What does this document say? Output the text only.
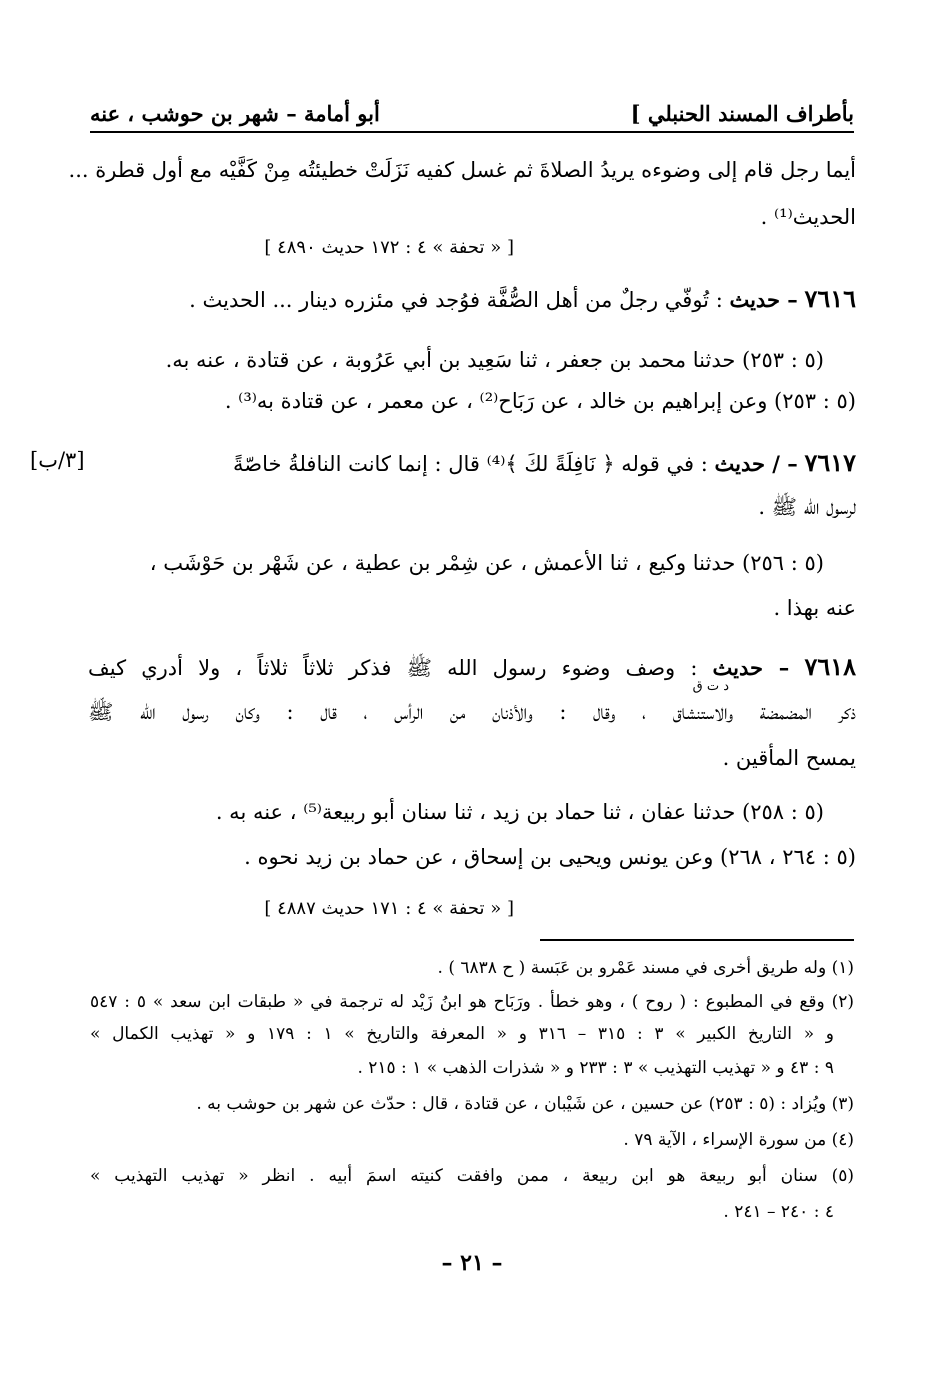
بأطراف المسند الحنبلي ]
أبو أمامة – شهر بن حوشب ، عنه
أيما رجل قام إلى وضوءه يريدُ الصلاةَ ثم غسل كفيه نَزَلَتْ خطيئتُه مِنْ كَفَّيْه مع أول قطرة ...
الحديث⁽¹⁾ .
[ « تحفة » ٤ : ١٧٢ حديث ٤٨٩٠ ]
٧٦١٦ – حديث : تُوفّي رجلٌ من أهل الصُّفَّة فوُجد في مئزره دينار ... الحديث .
(٥ : ٢٥٣) حدثنا محمد بن جعفر ، ثنا سَعِيد بن أبي عَرُوبة ، عن قتادة ، عنه به.
(٥ : ٢٥٣) وعن إبراهيم بن خالد ، عن رَبَاح⁽²⁾ ، عن معمر ، عن قتادة به⁽³⁾ .
٧٦١٧ – / حديث : في قوله ﴿ نَافِلَةً لكَ ﴾⁽⁴⁾ قال : إنما كانت النافلةُ خاصّةً
[٣/ب]
لرسول الله ﷺ .
(٥ : ٢٥٦) حدثنا وكيع ، ثنا الأعمش ، عن شِمْر بن عطية ، عن شَهْر بن حَوْشَب ،
عنه بهذا .
٧٦١٨ – حديث : وصف وضوء رسول الله ﷺ فذكر ثلاثاً ثلاثاً ، ولا أدري كيف
د ت ق
ذكر المضمضة والاستنشاق ، وقال : والأذنان من الرأس ، قال : وكان رسول الله ﷺ
يمسح المأقين .
(٥ : ٢٥٨) حدثنا عفان ، ثنا حماد بن زيد ، ثنا سنان أبو ربيعة⁽⁵⁾ ، عنه به .
(٥ : ٢٦٤ ، ٢٦٨) وعن يونس ويحيى بن إسحاق ، عن حماد بن زيد نحوه .
[ « تحفة » ٤ : ١٧١ حديث ٤٨٨٧ ]
(١) وله طريق أخرى في مسند عَمْرو بن عَبَسة ( ح ٦٨٣٨ ) .
(٢) وقع في المطبوع : ( روح ) ، وهو خطأ . ورَبَاح هو ابنُ زَيْد له ترجمة في « طبقات ابن سعد » ٥ : ٥٤٧
و « التاريخ الكبير » ٣ : ٣١٥ – ٣١٦ و « المعرفة والتاريخ » ١ : ١٧٩ و « تهذيب الكمال »
٩ : ٤٣ و « تهذيب التهذيب » ٣ : ٢٣٣ و « شذرات الذهب » ١ : ٢١٥ .
(٣) ويُزاد : (٥ : ٢٥٣) عن حسين ، عن شَيْبان ، عن قتادة ، قال : حدّث عن شهر بن حوشب به .
(٤) من سورة الإسراء ، الآية ٧٩ .
(٥) سنان أبو ربيعة هو ابن ربيعة ، ممن وافقت كنيته اسمَ أبيه . انظر « تهذيب التهذيب »
٤ : ٢٤٠ – ٢٤١ .
– ٢١ –
